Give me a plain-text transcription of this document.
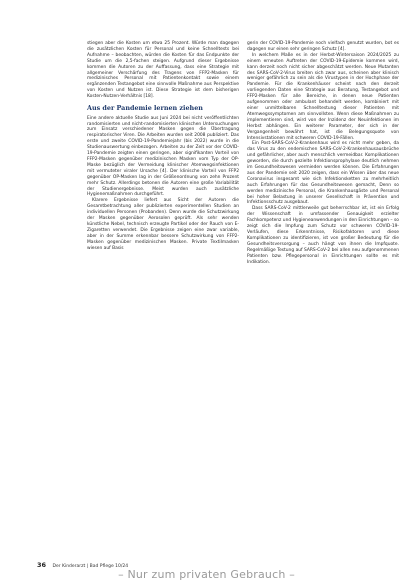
stiegen aber die Kosten um etwa 25 Prozent. Würde man dagegen die zusätzlichen Kosten für Personal und keine Schnelltests bei Aufnahme – beobachten, würden die Kosten für das Endpunkte der Studie um die 2,5-fachen steigen. Aufgrund dieser Ergebnisse kommen die Autoren zu der Auffassung, dass eine Strategie mit allgemeiner Verschärfung des Tragens von FFP2-Masken für medizinisches Personal mit Patientenkontakt sowie einem ergänzenden Testangebot eine sinnvolle Maßnahme aus Perspektive von Kosten und Nutzen ist. Diese Strategie ist dem bisherigen Kosten-Nutzen-Verhältnis [18].

Aus der Pandemie lernen ziehen

Eine andere aktuelle Studie aus Juni 2024 bei nicht veröffentlichten randomisierten und nicht-randomisierten klinischen Untersuchungen zum Einsatz verschiedener Masken gegen die Übertragung respiratorischer Viren. Die Arbeiten wurden seit 2008 publiziert. Das erste und zweite COVID-19-Pandemiejahr (bis 2022) wurde in die Studienauswertung einbezogen. Arbeiten zu der Zeit vor der COVID-19-Pandemie zeigten einen geringen, aber signifikanten Vorteil von FFP2-Masken gegenüber medizinischen Masken vom Typ der OP-Maske bezüglich der Vermeidung klinischer Atemwegsinfektionen mit vermuteter viraler Ursache [4]. Der klinische Vorteil von FFP2 gegenüber OP-Masken lag in der Größenordnung von zehn Prozent mehr Schutz. Allerdings betonen die Autoren eine große Variabilität der Studienergebnisse. Meist wurden auch zusätzliche Hygienemaßnahmen durchgeführt.

Klarere Ergebnisse liefert aus Sicht der Autoren die Gesamtbetrachtung aller publizierten experimentellen Studien an individuellen Personen (Probanden). Denn wurde die Schutzwirkung der Masken gegenüber Aerosolen geprüft. Als sehr wenden künstliche Nebel, technisch erzeugte Partikel oder der Rauch von E-Zigaretten verwendet. Die Ergebnisse zeigen eine zwar variable, aber in der Summe erkennbar bessere Schutzwirkung von FFP2-Masken gegenüber medizinischen Masken. Private Textilmasken wiesen auf Basis

gerin der COVID-19-Pandemie noch vielfach genutzt wurden, bot es dagegen nur einen sehr geringen Schutz [4].

In welchem Maße es in der Herbst-Wintersaison 2024/2025 zu einem erneuten Auftreten der COVID-19-Epidemie kommen wird, kann derzeit noch nicht sicher abgeschätzt werden. Neue Mutanten des SARS-CoV-2-Virus breiten sich zwar aus, scheinen aber klinisch weniger gefährlich zu sein als die Virustypen in der Hochphase der Pandemie. Für die Krankenhäuser scheint nach den derzeit vorliegenden Daten eine Strategie aus Beratung, Testangebot und FFP2-Masken für alle Bereiche, in denen neue Patienten aufgenommen oder ambulant behandelt werden, kombiniert mit einer unmittelbaren Schnelltestung dieser Patienten mit Atemwegssymptomen am sinnvollsten. Wenn diese Maßnahmen zu implementieren sind, wird von der Inzidenz der Neuinfektionen im Herbst abhängen. Ein weiterer Parameter, der sich in der Vergangenheit bewährt hat, ist die Belegungsquote von Intensivstationen mit schweren COVID-19-Fällen.

Ein Post-SARS-CoV-2-Krankenhaus wird es nicht mehr geben, da das Virus zu den endemischen SARS-CoV-2-Krankenhausausbrüche und gefährlicher, aber auch menschlich vermeidbar. Komplikationen geworden, die durch gezielte Infektionsprophylaxe deutlich nehmen im Gesundheitswesen vermieden werden können. Die Erfahrungen aus der Pandemie seit 2020 zeigen, dass ein Wissen über das neue Coronavirus insgesamt wie sich Infektionsketten zu mehrheitlich auch Erfahrungen für das Gesundheitswesen gemacht, Denn so werden medizinische Personal, die Krankenhausgäste und Personal bei hoher Belastung in unserer Gesellschaft in Prävention und Infektionsschutz ausgebaut.

Dass SARS-CoV-2 mittlerweile gut beherrschbar ist, ist ein Erfolg der Wissenschaft in umfassender Genauigkeit erzielter Fachkompetenz und Hygieneanwendungen in den Einrichtungen – so zeigt sich die Impfung zum Schutz vor schweren COVID-19-Verläufen, diese Erkenntnisse, Risikofaktoren und diese Komplikationen zu identifizieren, ist von großer Bedeutung für die Gesundheitsversorgung – auch hängt von ihnen die Impfquote. Regelmäßige Testung auf SARS-CoV-2 bei allen neu aufgenommenen Patienten bzw. Pflegepersonal in Einrichtungen sollte es mit Indikation.

36 Der Kinderarzt | Bad Pflege 10/24
– Nur zum privaten Gebrauch –
